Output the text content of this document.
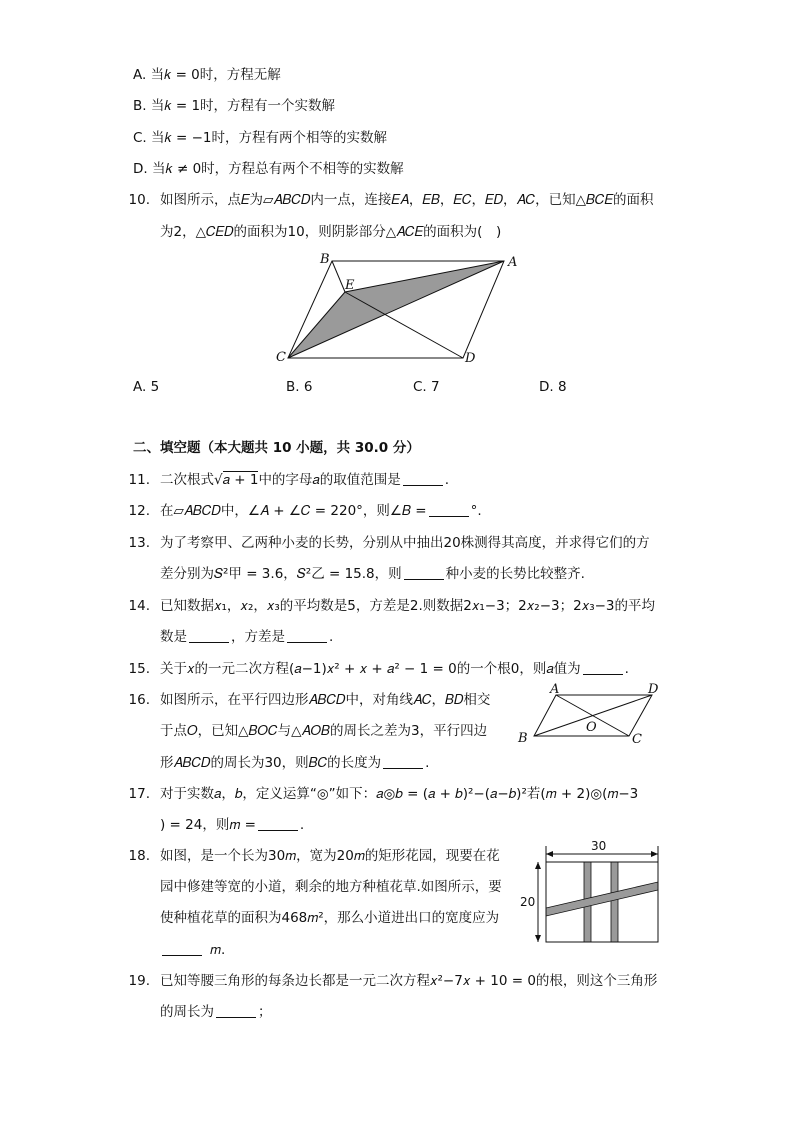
A. 当𝑘 = 0时，方程无解
B. 当𝑘 = 1时，方程有一个实数解
C. 当𝑘 = −1时，方程有两个相等的实数解
D. 当𝑘 ≠ 0时，方程总有两个不相等的实数解
10. 如图所示，点𝐸为▱𝐴𝐵𝐶𝐷内一点，连接𝐸𝐴，𝐸𝐵，𝐸𝐶，𝐸𝐷，𝐴𝐶，已知△𝐵𝐶𝐸的面积
为2，△𝐶𝐸𝐷的面积为10，则阴影部分△𝐴𝐶𝐸的面积为(　)
B	A
E
C	D
A. 5	B. 6	C. 7	D. 8
二、填空题（本大题共 10 小题，共 30.0 分）
11. 二次根式√𝑎 + 1中的字母𝑎的取值范围是	.
12. 在▱𝐴𝐵𝐶𝐷中，∠𝐴 + ∠𝐶 = 220°，则∠𝐵 =	°.
13. 为了考察甲、乙两种小麦的长势，分别从中抽出20株测得其高度，并求得它们的方
差分别为𝑆²甲 = 3.6，𝑆²乙 = 15.8，则	种小麦的长势比较整齐.
14. 已知数据𝑥₁，𝑥₂，𝑥₃的平均数是5，方差是2.则数据2𝑥₁−3；2𝑥₂−3；2𝑥₃−3的平均
数是	，方差是	.
15. 关于𝑥的一元二次方程(𝑎−1)𝑥² + 𝑥 + 𝑎² − 1 = 0的一个根0，则𝑎值为	.
16. 如图所示，在平行四边形𝐴𝐵𝐶𝐷中，对角线𝐴𝐶，𝐵𝐷相交
于点𝑂，已知△𝐵𝑂𝐶与△𝐴𝑂𝐵的周长之差为3，平行四边
形𝐴𝐵𝐶𝐷的周长为30，则𝐵𝐶的长度为	.
A	D
O
B	C
17. 对于实数𝑎，𝑏，定义运算“◎”如下：𝑎◎𝑏 = (𝑎 + 𝑏)²−(𝑎−𝑏)²若(𝑚 + 2)◎(𝑚−3
) = 24，则𝑚 =	.
18. 如图，是一个长为30𝑚，宽为20𝑚的矩形花园，现要在花
园中修建等宽的小道，剩余的地方种植花草.如图所示，要
使种植花草的面积为468𝑚²，那么小道进出口的宽度应为
𝑚.
30
20
19. 已知等腰三角形的每条边长都是一元二次方程𝑥²−7𝑥 + 10 = 0的根，则这个三角形
的周长为	；
